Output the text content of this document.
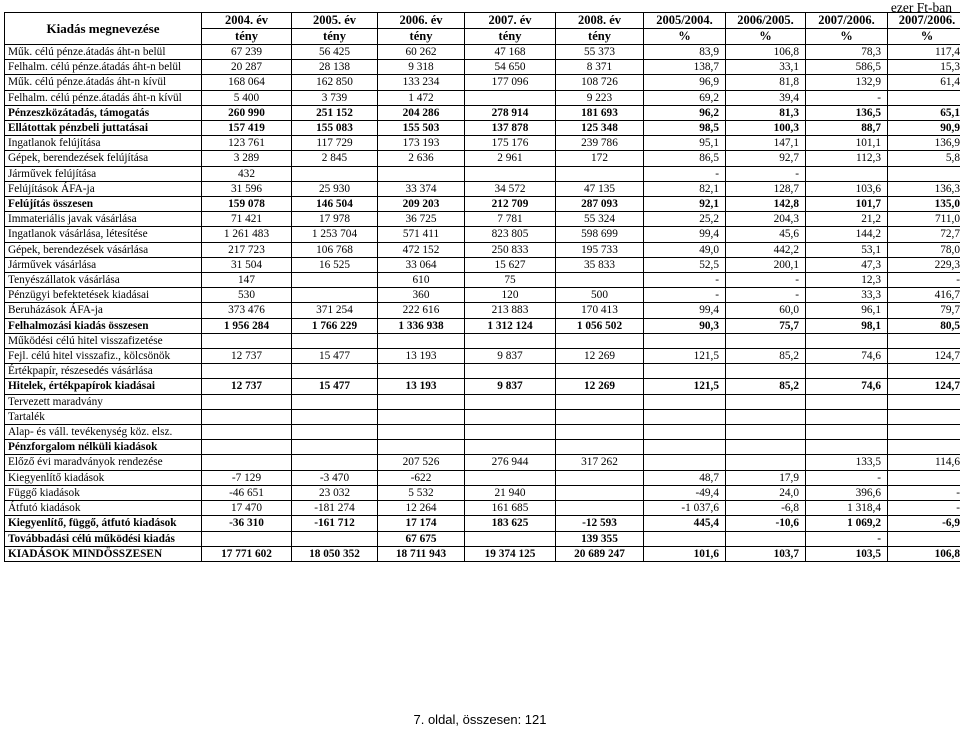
ezer Ft-ban
Kiadás megnevezése	2004. év	2005. év	2006. év	2007. év	2008. év	2005/2004.	2006/2005.	2007/2006.	2007/2006.
	tény	tény	tény	tény	tény	%	%	%	%
Műk. célú pénze.átadás áht-n belül	67 239	56 425	60 262	47 168	55 373	83,9	106,8	78,3	117,4
Felhalm. célú pénze.átadás áht-n belül	20 287	28 138	9 318	54 650	8 371	138,7	33,1	586,5	15,3
Műk. célú pénze.átadás áht-n kívül	168 064	162 850	133 234	177 096	108 726	96,9	81,8	132,9	61,4
Felhalm. célú pénze.átadás áht-n kívül	5 400	3 739	1 472		9 223	69,2	39,4	-	
Pénzeszközátadás, támogatás	260 990	251 152	204 286	278 914	181 693	96,2	81,3	136,5	65,1
Ellátottak pénzbeli juttatásai	157 419	155 083	155 503	137 878	125 348	98,5	100,3	88,7	90,9
Ingatlanok felújítása	123 761	117 729	173 193	175 176	239 786	95,1	147,1	101,1	136,9
Gépek, berendezések felújítása	3 289	2 845	2 636	2 961	172	86,5	92,7	112,3	5,8
Járművek felújítása	432					-	-		
Felújítások ÁFA-ja	31 596	25 930	33 374	34 572	47 135	82,1	128,7	103,6	136,3
Felújítás összesen	159 078	146 504	209 203	212 709	287 093	92,1	142,8	101,7	135,0
Immateriális javak vásárlása	71 421	17 978	36 725	7 781	55 324	25,2	204,3	21,2	711,0
Ingatlanok vásárlása, létesítése	1 261 483	1 253 704	571 411	823 805	598 699	99,4	45,6	144,2	72,7
Gépek, berendezések vásárlása	217 723	106 768	472 152	250 833	195 733	49,0	442,2	53,1	78,0
Járművek vásárlása	31 504	16 525	33 064	15 627	35 833	52,5	200,1	47,3	229,3
Tenyészállatok vásárlása	147		610	75		-	-	12,3	-
Pénzügyi befektetések kiadásai	530		360	120	500	-	-	33,3	416,7
Beruházások ÁFA-ja	373 476	371 254	222 616	213 883	170 413	99,4	60,0	96,1	79,7
Felhalmozási kiadás összesen	1 956 284	1 766 229	1 336 938	1 312 124	1 056 502	90,3	75,7	98,1	80,5
Működési célú hitel visszafizetése									
Fejl. célú hitel visszafiz., kölcsönök	12 737	15 477	13 193	9 837	12 269	121,5	85,2	74,6	124,7
Értékpapír, részesedés vásárlása									
Hitelek, értékpapírok kiadásai	12 737	15 477	13 193	9 837	12 269	121,5	85,2	74,6	124,7
Tervezett maradvány									
Tartalék									
Alap- és váll. tevékenység köz. elsz.									
Pénzforgalom nélküli kiadások									
Előző évi maradványok rendezése			207 526	276 944	317 262			133,5	114,6
Kiegyenlítő kiadások	-7 129	-3 470	-622			48,7	17,9	-	
Függő kiadások	-46 651	23 032	5 532	21 940		-49,4	24,0	396,6	-
Átfutó kiadások	17 470	-181 274	12 264	161 685		-1 037,6	-6,8	1 318,4	-
Kiegyenlítő, függő, átfutó kiadások	-36 310	-161 712	17 174	183 625	-12 593	445,4	-10,6	1 069,2	-6,9
Továbbadási célú működési kiadás			67 675		139 355			-	
KIADÁSOK MINDÖSSZESEN	17 771 602	18 050 352	18 711 943	19 374 125	20 689 247	101,6	103,7	103,5	106,8
7. oldal, összesen: 121
